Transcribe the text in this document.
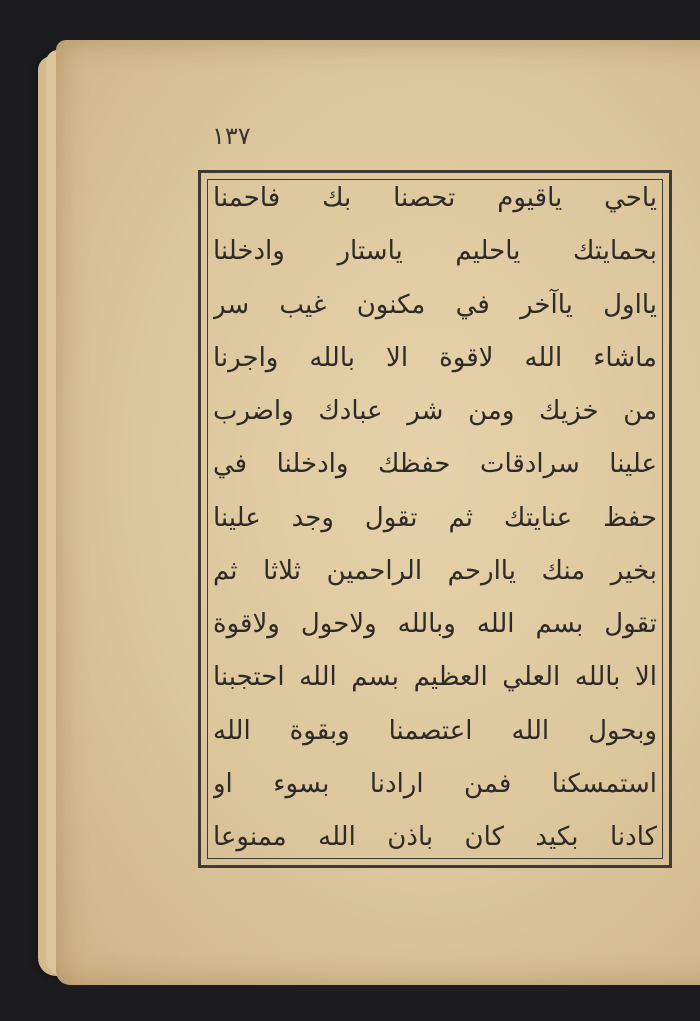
١٣٧
ياحي ياقيوم تحصنا بك فاحمنا
بحمايتك ياحليم ياستار وادخلنا
يااول ياآخر في مكنون غيب سر
ماشاء الله لاقوة الا بالله واجرنا
من خزيك ومن شر عبادك واضرب
علينا سرادقات حفظك وادخلنا في
حفظ عنايتك ثم تقول وجد علينا
بخير منك ياارحم الراحمين ثلاثا ثم
تقول بسم الله وبالله ولاحول ولاقوة
الا بالله العلي العظيم بسم الله احتجبنا
وبحول الله اعتصمنا وبقوة الله
استمسكنا فمن ارادنا بسوء او
كادنا بكيد كان باذن الله ممنوعا
